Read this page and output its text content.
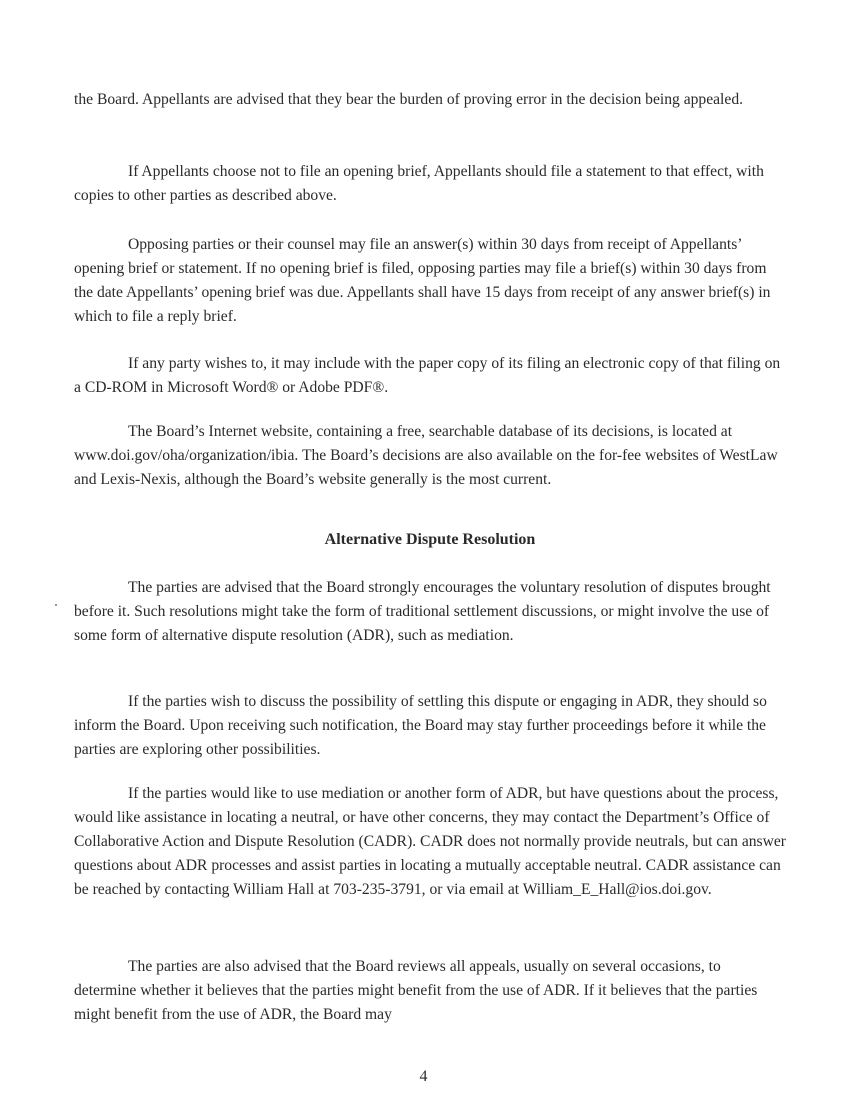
the Board. Appellants are advised that they bear the burden of proving error in the decision being appealed.

If Appellants choose not to file an opening brief, Appellants should file a statement to that effect, with copies to other parties as described above.

Opposing parties or their counsel may file an answer(s) within 30 days from receipt of Appellants’ opening brief or statement. If no opening brief is filed, opposing parties may file a brief(s) within 30 days from the date Appellants’ opening brief was due. Appellants shall have 15 days from receipt of any answer brief(s) in which to file a reply brief.

If any party wishes to, it may include with the paper copy of its filing an electronic copy of that filing on a CD-ROM in Microsoft Word® or Adobe PDF®.

The Board’s Internet website, containing a free, searchable database of its decisions, is located at www.doi.gov/oha/organization/ibia. The Board’s decisions are also available on the for-fee websites of WestLaw and Lexis-Nexis, although the Board’s website generally is the most current.

Alternative Dispute Resolution

The parties are advised that the Board strongly encourages the voluntary resolution of disputes brought before it. Such resolutions might take the form of traditional settlement discussions, or might involve the use of some form of alternative dispute resolution (ADR), such as mediation.

If the parties wish to discuss the possibility of settling this dispute or engaging in ADR, they should so inform the Board. Upon receiving such notification, the Board may stay further proceedings before it while the parties are exploring other possibilities.

If the parties would like to use mediation or another form of ADR, but have questions about the process, would like assistance in locating a neutral, or have other concerns, they may contact the Department’s Office of Collaborative Action and Dispute Resolution (CADR). CADR does not normally provide neutrals, but can answer questions about ADR processes and assist parties in locating a mutually acceptable neutral. CADR assistance can be reached by contacting William Hall at 703-235-3791, or via email at William_E_Hall@ios.doi.gov.

The parties are also advised that the Board reviews all appeals, usually on several occasions, to determine whether it believes that the parties might benefit from the use of ADR. If it believes that the parties might benefit from the use of ADR, the Board may

4
